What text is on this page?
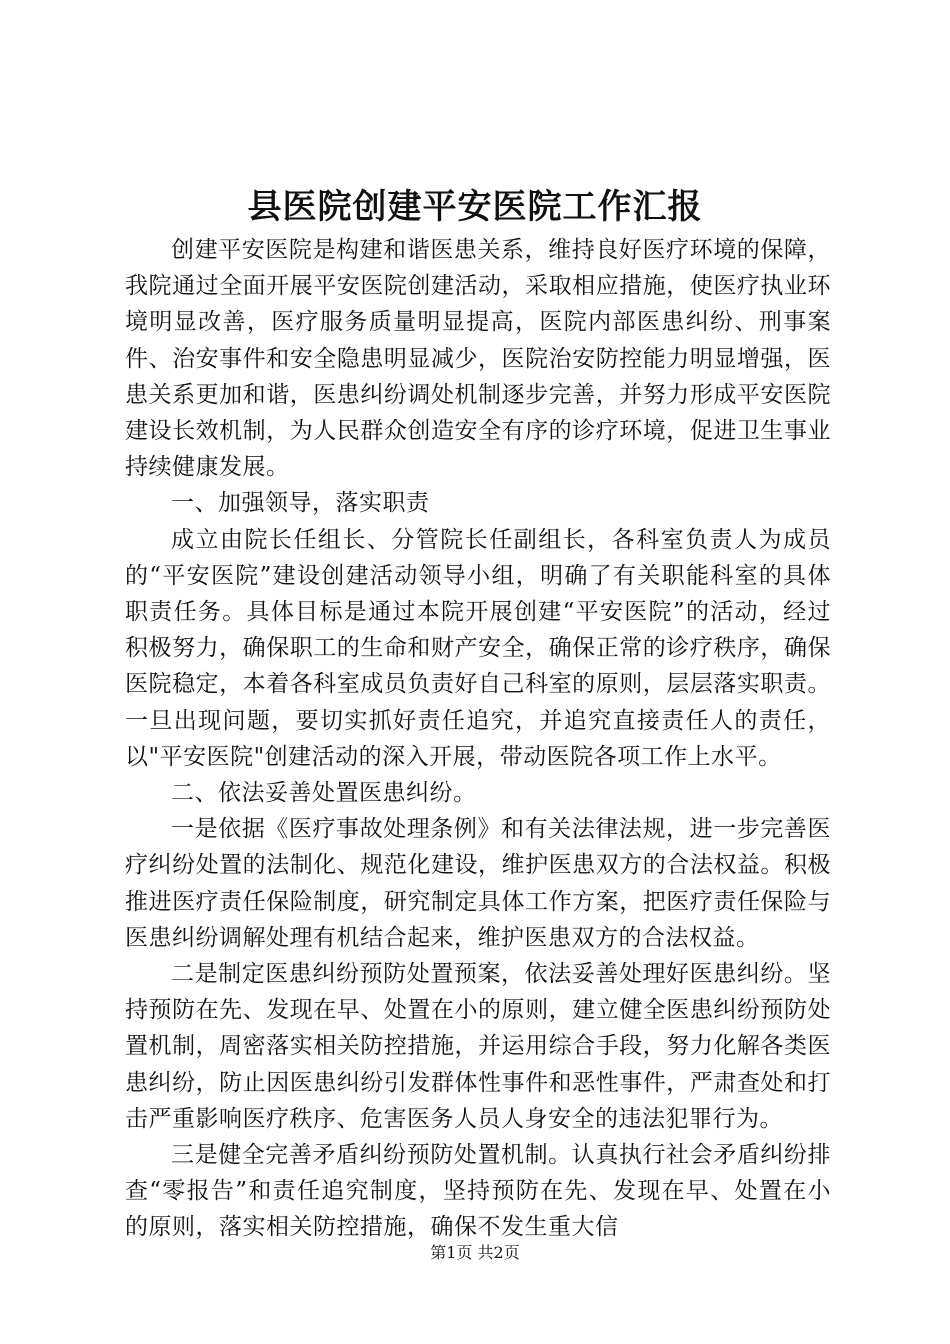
县医院创建平安医院工作汇报

创建平安医院是构建和谐医患关系，维持良好医疗环境的保障，我院通过全面开展平安医院创建活动，采取相应措施，使医疗执业环境明显改善，医疗服务质量明显提高，医院内部医患纠纷、刑事案件、治安事件和安全隐患明显减少，医院治安防控能力明显增强，医患关系更加和谐，医患纠纷调处机制逐步完善，并努力形成平安医院建设长效机制，为人民群众创造安全有序的诊疗环境，促进卫生事业持续健康发展。

一、加强领导，落实职责

成立由院长任组长、分管院长任副组长，各科室负责人为成员的“平安医院”建设创建活动领导小组，明确了有关职能科室的具体职责任务。具体目标是通过本院开展创建“平安医院”的活动，经过积极努力，确保职工的生命和财产安全，确保正常的诊疗秩序，确保医院稳定，本着各科室成员负责好自己科室的原则，层层落实职责。一旦出现问题，要切实抓好责任追究，并追究直接责任人的责任，以"平安医院"创建活动的深入开展，带动医院各项工作上水平。

二、依法妥善处置医患纠纷。

一是依据《医疗事故处理条例》和有关法律法规，进一步完善医疗纠纷处置的法制化、规范化建设，维护医患双方的合法权益。积极推进医疗责任保险制度，研究制定具体工作方案，把医疗责任保险与医患纠纷调解处理有机结合起来，维护医患双方的合法权益。

二是制定医患纠纷预防处置预案，依法妥善处理好医患纠纷。坚持预防在先、发现在早、处置在小的原则，建立健全医患纠纷预防处置机制，周密落实相关防控措施，并运用综合手段，努力化解各类医患纠纷，防止因医患纠纷引发群体性事件和恶性事件，严肃查处和打击严重影响医疗秩序、危害医务人员人身安全的违法犯罪行为。

三是健全完善矛盾纠纷预防处置机制。认真执行社会矛盾纠纷排查“零报告”和责任追究制度，坚持预防在先、发现在早、处置在小的原则，落实相关防控措施，确保不发生重大信

第1页 共2页
